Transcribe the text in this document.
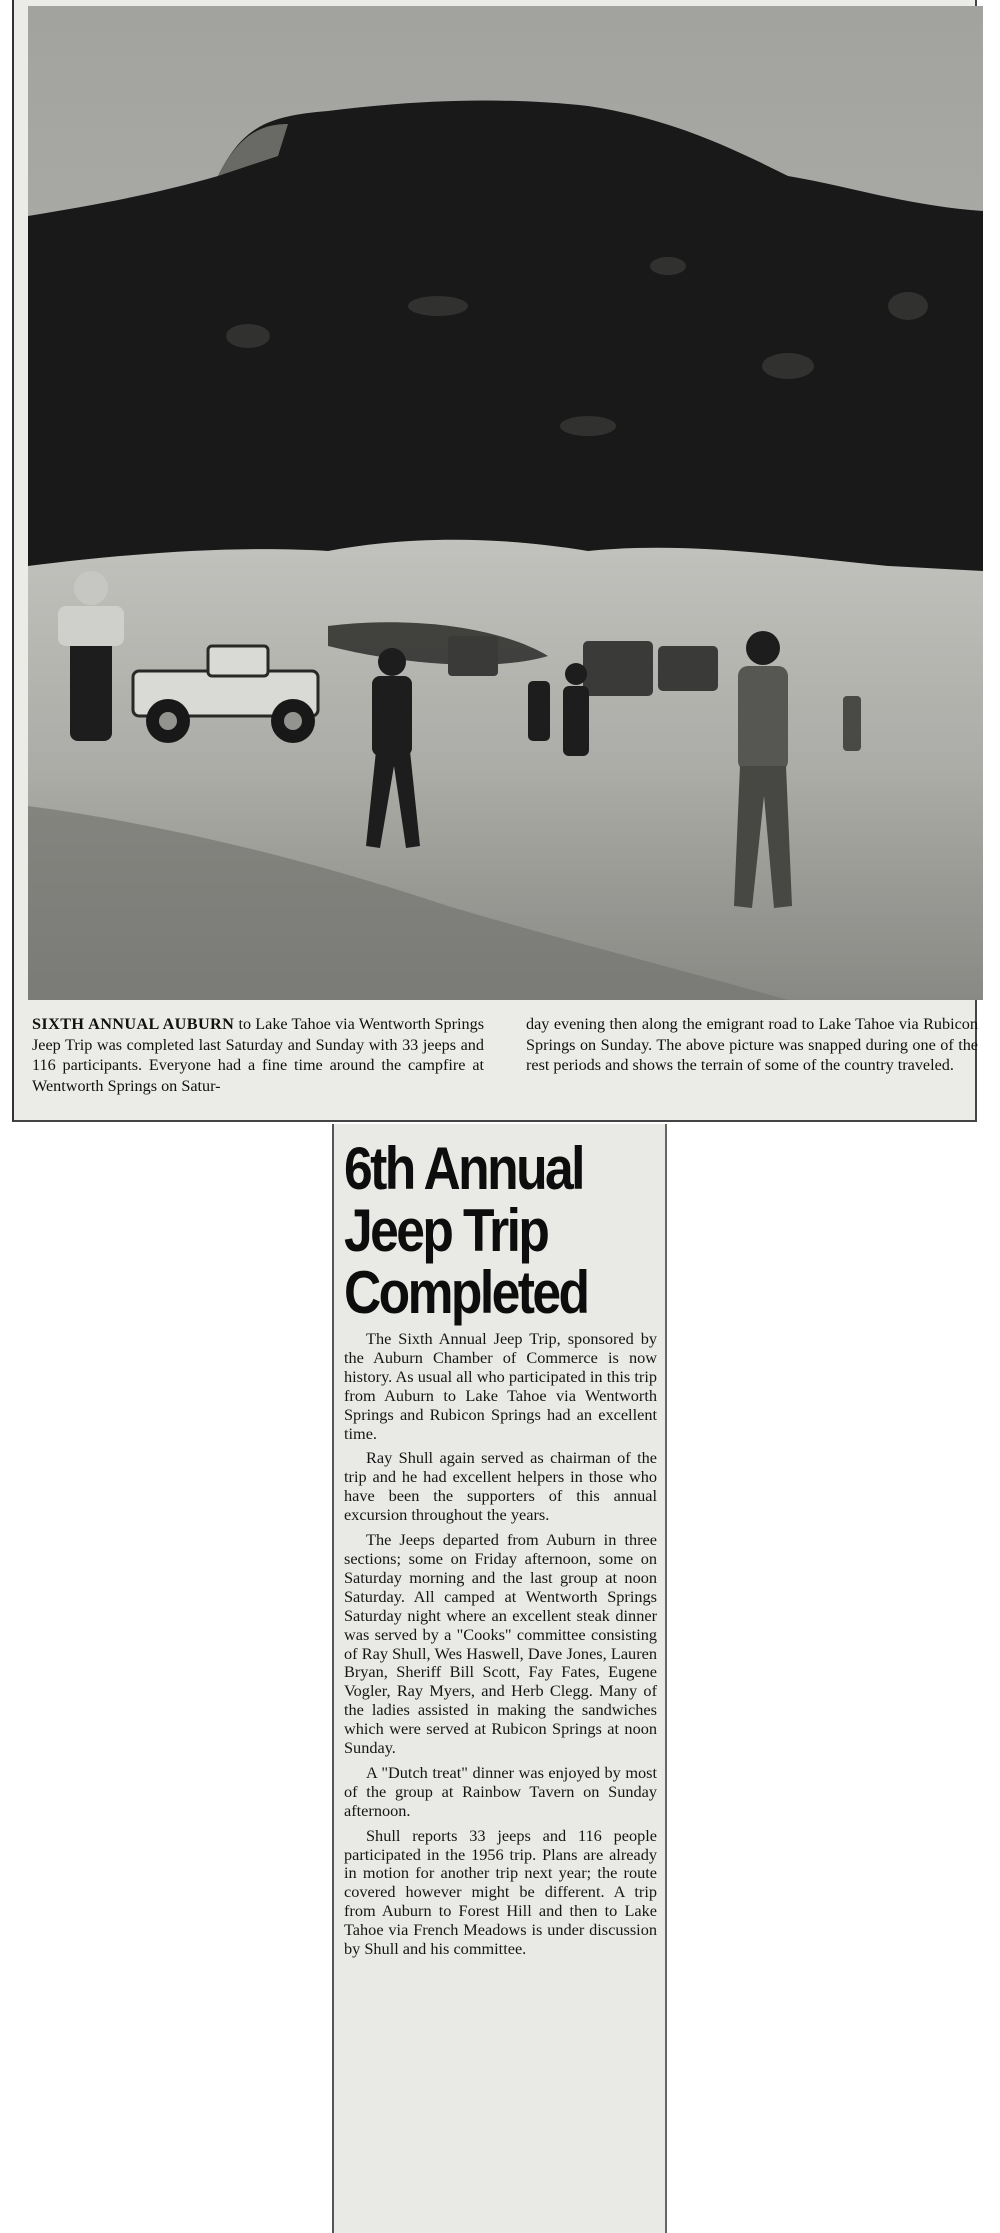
SIXTH ANNUAL AUBURN to Lake Tahoe via Wentworth Springs Jeep Trip was completed last Saturday and Sunday with 33 jeeps and 116 participants. Everyone had a fine time around the campfire at Wentworth Springs on Satur-
day evening then along the emigrant road to Lake Tahoe via Rubicon Springs on Sunday. The above picture was snapped during one of the rest periods and shows the terrain of some of the country traveled.
6th Annual
Jeep Trip
Completed

The Sixth Annual Jeep Trip, sponsored by the Auburn Chamber of Commerce is now history. As usual all who participated in this trip from Auburn to Lake Tahoe via Wentworth Springs and Rubicon Springs had an excellent time.

Ray Shull again served as chairman of the trip and he had excellent helpers in those who have been the supporters of this annual excursion throughout the years.

The Jeeps departed from Auburn in three sections; some on Friday afternoon, some on Saturday morning and the last group at noon Saturday. All camped at Wentworth Springs Saturday night where an excellent steak dinner was served by a "Cooks" committee consisting of Ray Shull, Wes Haswell, Dave Jones, Lauren Bryan, Sheriff Bill Scott, Fay Fates, Eugene Vogler, Ray Myers, and Herb Clegg. Many of the ladies assisted in making the sandwiches which were served at Rubicon Springs at noon Sunday.

A "Dutch treat" dinner was enjoyed by most of the group at Rainbow Tavern on Sunday afternoon.

Shull reports 33 jeeps and 116 people participated in the 1956 trip. Plans are already in motion for another trip next year; the route covered however might be different. A trip from Auburn to Forest Hill and then to Lake Tahoe via French Meadows is under discussion by Shull and his committee.
